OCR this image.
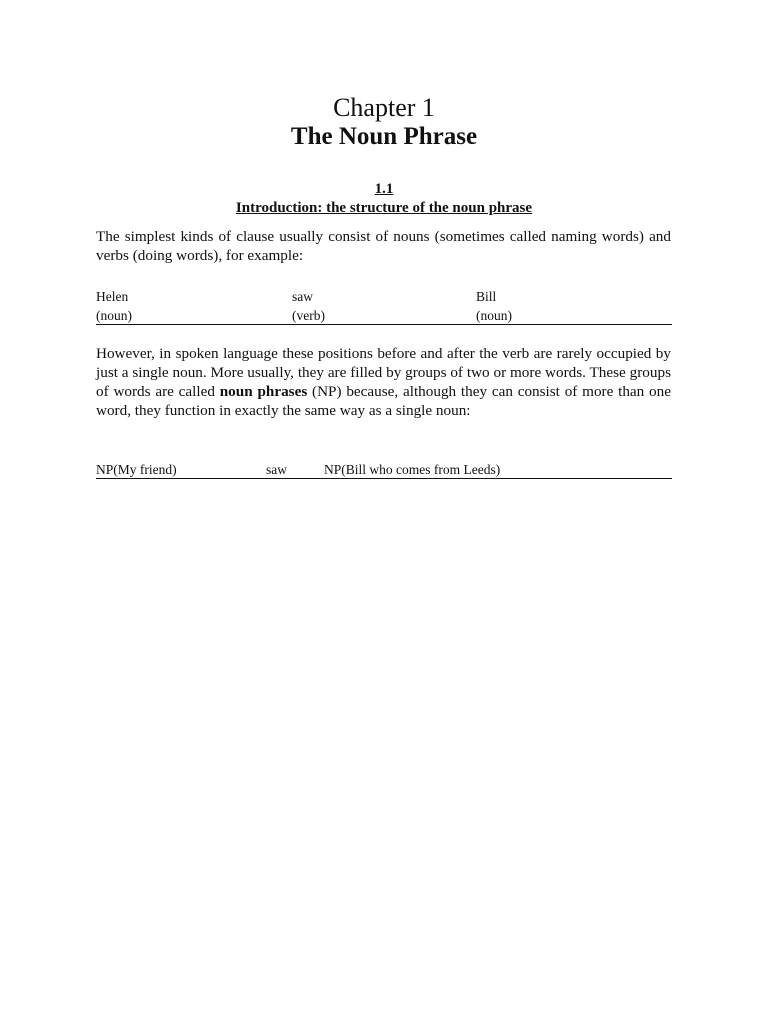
Chapter 1
The Noun Phrase
1.1
Introduction: the structure of the noun phrase
The simplest kinds of clause usually consist of nouns (sometimes called naming words) and verbs (doing words), for example:
Helen	saw	Bill
(noun)	(verb)	(noun)
However, in spoken language these positions before and after the verb are rarely occupied by just a single noun. More usually, they are filled by groups of two or more words. These groups of words are called noun phrases (NP) because, although they can consist of more than one word, they function in exactly the same way as a single noun:
NP(My friend)	saw	NP(Bill who comes from Leeds)
